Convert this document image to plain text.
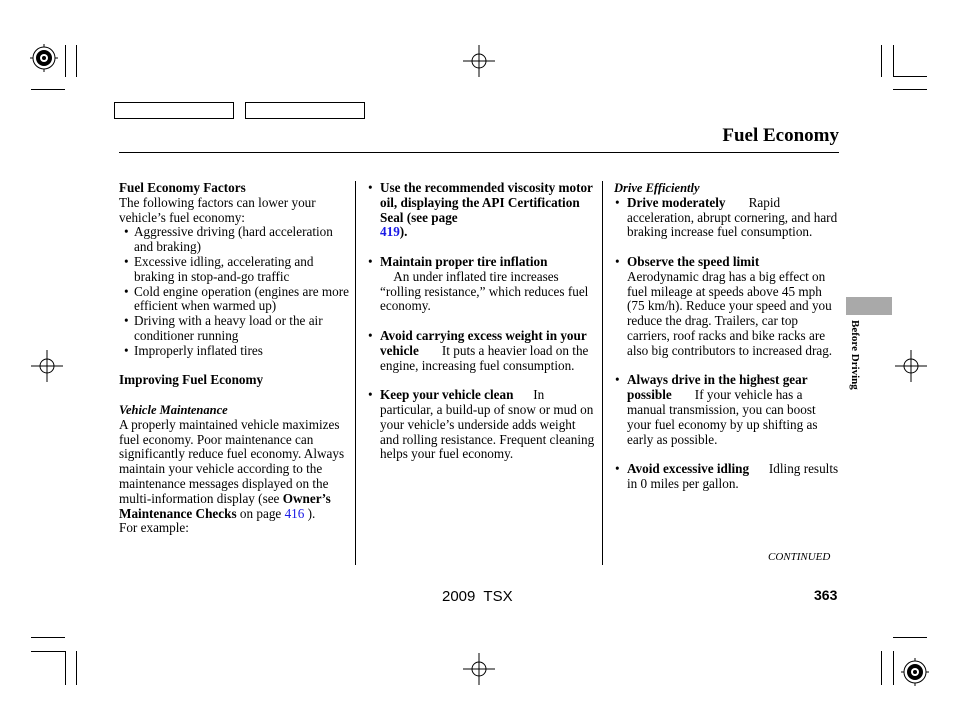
Fuel Economy

Fuel Economy Factors

The following factors can lower your vehicle’s fuel economy:

• Aggressive driving (hard acceleration and braking)

• Excessive idling, accelerating and braking in stop-and-go traffic

• Cold engine operation (engines are more efficient when warmed up)

• Driving with a heavy load or the air conditioner running

• Improperly inflated tires

Improving Fuel Economy

Vehicle Maintenance

A properly maintained vehicle maximizes fuel economy. Poor maintenance can significantly reduce fuel economy. Always maintain your vehicle according to the maintenance messages displayed on the multi-information display (see Owner’s Maintenance Checks on page 416 ).

For example:

• Use the recommended viscosity motor oil, displaying the API Certification Seal (see page
419).

• Maintain proper tire inflation
An under inflated tire increases “rolling resistance,” which reduces fuel economy.

• Avoid carrying excess weight in your vehicle It puts a heavier load on the engine, increasing fuel consumption.

• Keep your vehicle clean In particular, a build-up of snow or mud on your vehicle’s underside adds weight and rolling resistance. Frequent cleaning helps your fuel economy.

Drive Efficiently

• Drive moderately Rapid acceleration, abrupt cornering, and hard braking increase fuel consumption.

• Observe the speed limit
Aerodynamic drag has a big effect on fuel mileage at speeds above 45 mph (75 km/h). Reduce your speed and you reduce the drag. Trailers, car top carriers, roof racks and bike racks are also big contributors to increased drag.

• Always drive in the highest gear possible If your vehicle has a manual transmission, you can boost your fuel economy by up shifting as early as possible.

• Avoid excessive idling Idling results in 0 miles per gallon.

Before Driving
CONTINUED
2009  TSX	363
